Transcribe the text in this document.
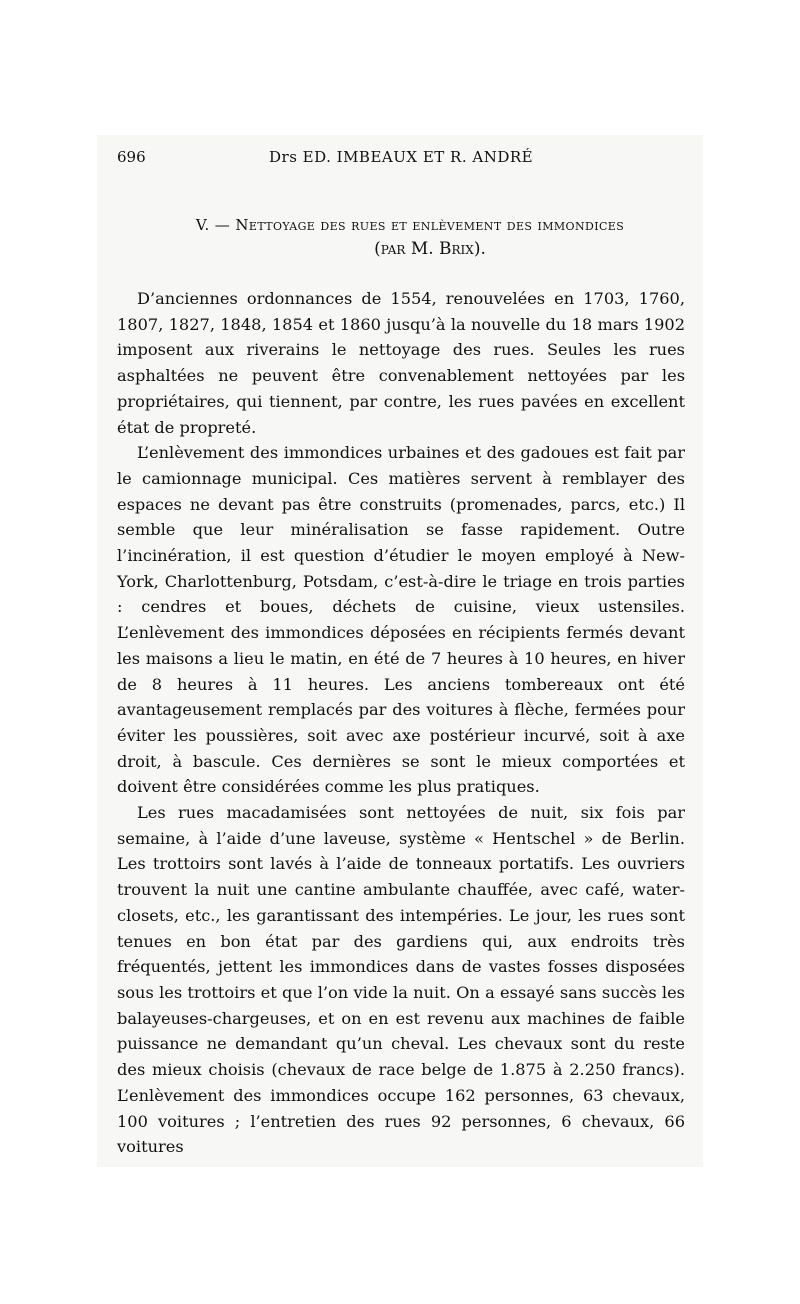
696	Drs ED. IMBEAUX ET R. ANDRÉ
V. — Nettoyage des rues et enlèvement des immondices
(par M. Brix).

D’anciennes ordonnances de 1554, renouvelées en 1703, 1760, 1807, 1827, 1848, 1854 et 1860 jusqu’à la nouvelle du 18 mars 1902 imposent aux riverains le nettoyage des rues. Seules les rues asphaltées ne peuvent être convenablement nettoyées par les propriétaires, qui tiennent, par contre, les rues pavées en excellent état de propreté.

L’enlèvement des immondices urbaines et des gadoues est fait par le camionnage municipal. Ces matières servent à remblayer des espaces ne devant pas être construits (promenades, parcs, etc.) Il semble que leur minéralisation se fasse rapidement. Outre l’incinération, il est question d’étudier le moyen employé à New-York, Charlottenburg, Potsdam, c’est-à-dire le triage en trois parties : cendres et boues, déchets de cuisine, vieux ustensiles. L’enlèvement des immondices déposées en récipients fermés devant les maisons a lieu le matin, en été de 7 heures à 10 heures, en hiver de 8 heures à 11 heures. Les anciens tombereaux ont été avantageusement remplacés par des voitures à flèche, fermées pour éviter les poussières, soit avec axe postérieur incurvé, soit à axe droit, à bascule. Ces dernières se sont le mieux comportées et doivent être considérées comme les plus pratiques.

Les rues macadamisées sont nettoyées de nuit, six fois par semaine, à l’aide d’une laveuse, système « Hentschel » de Berlin. Les trottoirs sont lavés à l’aide de tonneaux portatifs. Les ouvriers trouvent la nuit une cantine ambulante chauffée, avec café, water-closets, etc., les garantissant des intempéries. Le jour, les rues sont tenues en bon état par des gardiens qui, aux endroits très fréquentés, jettent les immondices dans de vastes fosses disposées sous les trottoirs et que l’on vide la nuit. On a essayé sans succès les balayeuses-chargeuses, et on en est revenu aux machines de faible puissance ne demandant qu’un cheval. Les chevaux sont du reste des mieux choisis (chevaux de race belge de 1.875 à 2.250 francs). L’enlèvement des immondices occupe 162 personnes, 63 chevaux, 100 voitures ; l’entretien des rues 92 personnes, 6 chevaux, 66 voitures
